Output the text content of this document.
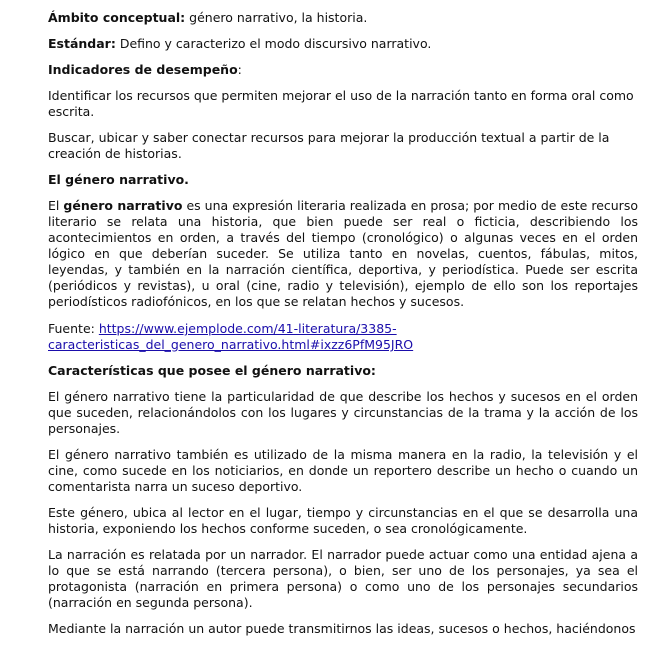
Ámbito conceptual: género narrativo, la historia.

Estándar: Defino y caracterizo el modo discursivo narrativo.

Indicadores de desempeño:

Identificar los recursos que permiten mejorar el uso de la narración tanto en forma oral como escrita.

Buscar, ubicar y saber conectar recursos para mejorar la producción textual a partir de la creación de historias.

El género narrativo.

El género narrativo es una expresión literaria realizada en prosa; por medio de este recurso literario se relata una historia, que bien puede ser real o ficticia, describiendo los acontecimientos en orden, a través del tiempo (cronológico) o algunas veces en el orden lógico en que deberían suceder. Se utiliza tanto en novelas, cuentos, fábulas, mitos, leyendas, y también en la narración científica, deportiva, y periodística. Puede ser escrita (periódicos y revistas), u oral (cine, radio y televisión), ejemplo de ello son los reportajes periodísticos radiofónicos, en los que se relatan hechos y sucesos.

Fuente: https://www.ejemplode.com/41-literatura/3385-caracteristicas_del_genero_narrativo.html#ixzz6PfM95JRO

Características que posee el género narrativo:

El género narrativo tiene la particularidad de que describe los hechos y sucesos en el orden que suceden, relacionándolos con los lugares y circunstancias de la trama y la acción de los personajes.

El género narrativo también es utilizado de la misma manera en la radio, la televisión y el cine, como sucede en los noticiarios, en donde un reportero describe un hecho o cuando un comentarista narra un suceso deportivo.

Este género, ubica al lector en el lugar, tiempo y circunstancias en el que se desarrolla una historia, exponiendo los hechos conforme suceden, o sea cronológicamente.

La narración es relatada por un narrador. El narrador puede actuar como una entidad ajena a lo que se está narrando (tercera persona), o bien, ser uno de los personajes, ya sea el protagonista (narración en primera persona) o como uno de los personajes secundarios (narración en segunda persona).

Mediante la narración un autor puede transmitirnos las ideas, sucesos o hechos, haciéndonos
